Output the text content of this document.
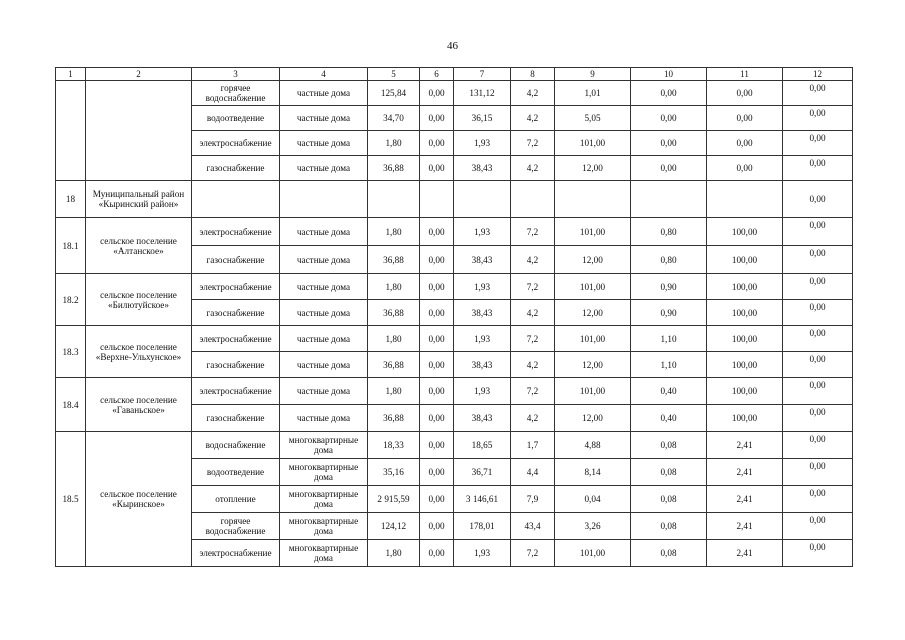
46
1	2	3	4	5	6	7	8	9	10	11	12
		горячее водоснабжение	частные дома	125,84	0,00	131,12	4,2	1,01	0,00	0,00	0,00
		водоотведение	частные дома	34,70	0,00	36,15	4,2	5,05	0,00	0,00	0,00
		электроснабжение	частные дома	1,80	0,00	1,93	7,2	101,00	0,00	0,00	0,00
		газоснабжение	частные дома	36,88	0,00	38,43	4,2	12,00	0,00	0,00	0,00
18	Муниципальный район «Кыринский район»										0,00
18.1	сельское поселение «Алтанское»	электроснабжение	частные дома	1,80	0,00	1,93	7,2	101,00	0,80	100,00	0,00
		газоснабжение	частные дома	36,88	0,00	38,43	4,2	12,00	0,80	100,00	0,00
18.2	сельское поселение «Билютуйское»	электроснабжение	частные дома	1,80	0,00	1,93	7,2	101,00	0,90	100,00	0,00
		газоснабжение	частные дома	36,88	0,00	38,43	4,2	12,00	0,90	100,00	0,00
18.3	сельское поселение «Верхне-Ульхунское»	электроснабжение	частные дома	1,80	0,00	1,93	7,2	101,00	1,10	100,00	0,00
		газоснабжение	частные дома	36,88	0,00	38,43	4,2	12,00	1,10	100,00	0,00
18.4	сельское поселение «Гаваньское»	электроснабжение	частные дома	1,80	0,00	1,93	7,2	101,00	0,40	100,00	0,00
		газоснабжение	частные дома	36,88	0,00	38,43	4,2	12,00	0,40	100,00	0,00
18.5	сельское поселение «Кыринское»	водоснабжение	многоквартирные дома	18,33	0,00	18,65	1,7	4,88	0,08	2,41	0,00
		водоотведение	многоквартирные дома	35,16	0,00	36,71	4,4	8,14	0,08	2,41	0,00
		отопление	многоквартирные дома	2 915,59	0,00	3 146,61	7,9	0,04	0,08	2,41	0,00
		горячее водоснабжение	многоквартирные дома	124,12	0,00	178,01	43,4	3,26	0,08	2,41	0,00
		электроснабжение	многоквартирные дома	1,80	0,00	1,93	7,2	101,00	0,08	2,41	0,00
